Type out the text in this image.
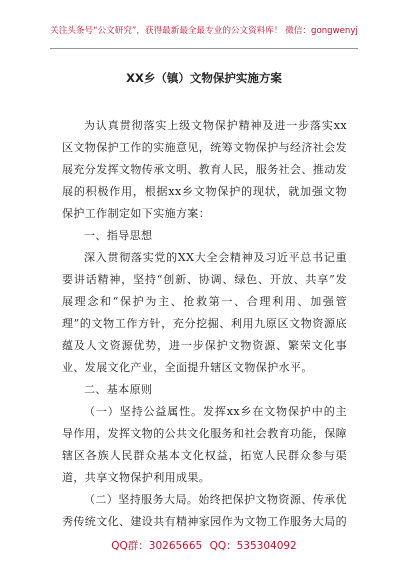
关注头条号“公文研究”，获得最新最全最专业的公文资料库！ 微信：gongwenyj
XX乡（镇）文物保护实施方案

为认真贯彻落实上级文物保护精神及进一步落实xx区文物保护工作的实施意见，统筹文物保护与经济社会发展充分发挥文物传承文明、教育人民，服务社会、推动发展的积极作用，根据xx乡文物保护的现状，就加强文物保护工作制定如下实施方案：

一、指导思想

深入贯彻落实党的XX大全会精神及习近平总书记重要讲话精神，坚持“创新、协调、绿色、开放、共享”发展理念和“保护为主、抢救第一、合理利用、加强管理”的文物工作方针，充分挖掘、利用九原区文物资源底蕴及人文资源优势，进一步保护文物资源、繁荣文化事业、发展文化产业，全面提升辖区文物保护水平。

二、基本原则

（一）坚持公益属性。发挥xx乡在文物保护中的主导作用，发挥文物的公共文化服务和社会教育功能，保障辖区各族人民群众基本文化权益，拓宽人民群众参与渠道，共享文物保护利用成果。

（二）坚持服务大局。始终把保护文物资源、传承优秀传统文化、建设共有精神家园作为文物工作服务大局的

QQ群：30265665 QQ：535304092
